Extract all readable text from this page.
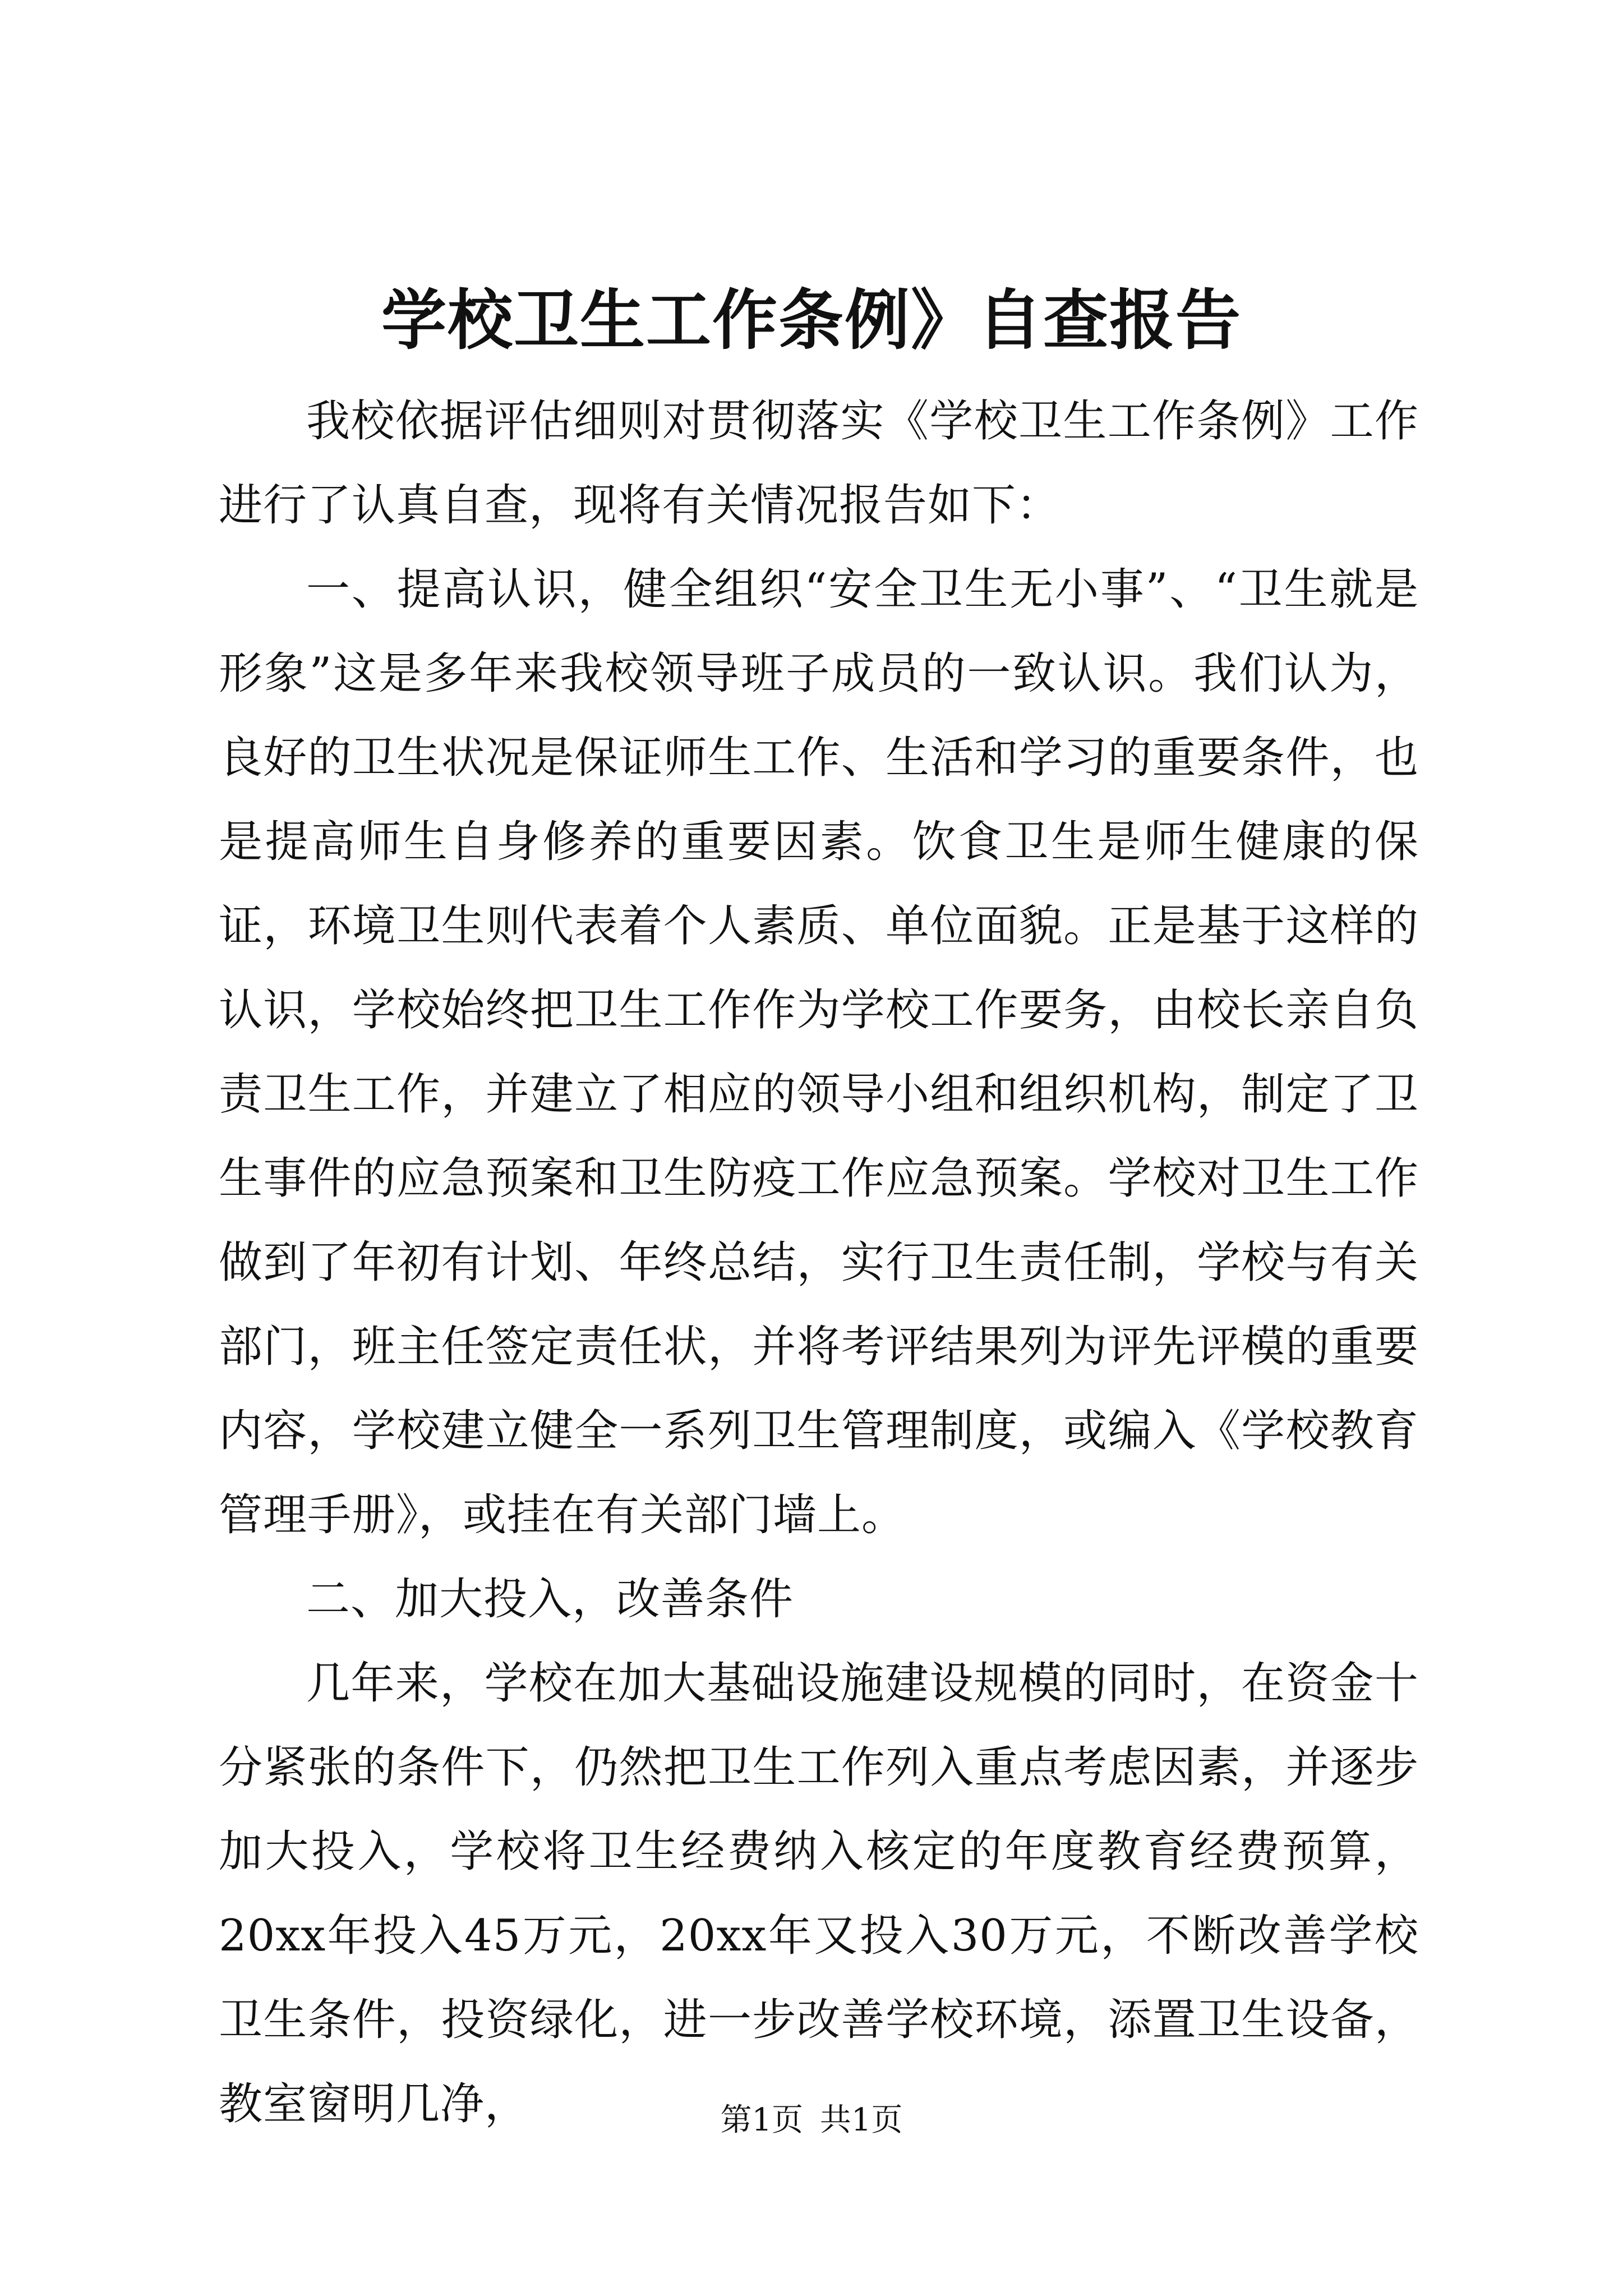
学校卫生工作条例》自查报告

我校依据评估细则对贯彻落实《学校卫生工作条例》工作进行了认真自查，现将有关情况报告如下：

一、提高认识，健全组织“安全卫生无小事”、“卫生就是形象”这是多年来我校领导班子成员的一致认识。我们认为，良好的卫生状况是保证师生工作、生活和学习的重要条件，也是提高师生自身修养的重要因素。饮食卫生是师生健康的保证，环境卫生则代表着个人素质、单位面貌。正是基于这样的认识，学校始终把卫生工作作为学校工作要务，由校长亲自负责卫生工作，并建立了相应的领导小组和组织机构，制定了卫生事件的应急预案和卫生防疫工作应急预案。学校对卫生工作做到了年初有计划、年终总结，实行卫生责任制，学校与有关部门，班主任签定责任状，并将考评结果列为评先评模的重要内容，学校建立健全一系列卫生管理制度，或编入《学校教育管理手册》，或挂在有关部门墙上。

二、加大投入，改善条件

几年来，学校在加大基础设施建设规模的同时，在资金十分紧张的条件下，仍然把卫生工作列入重点考虑因素，并逐步加大投入，学校将卫生经费纳入核定的年度教育经费预算，20xx年投入45万元，20xx年又投入30万元，不断改善学校卫生条件，投资绿化，进一步改善学校环境，添置卫生设备，教室窗明几净，	第1页 共1页
